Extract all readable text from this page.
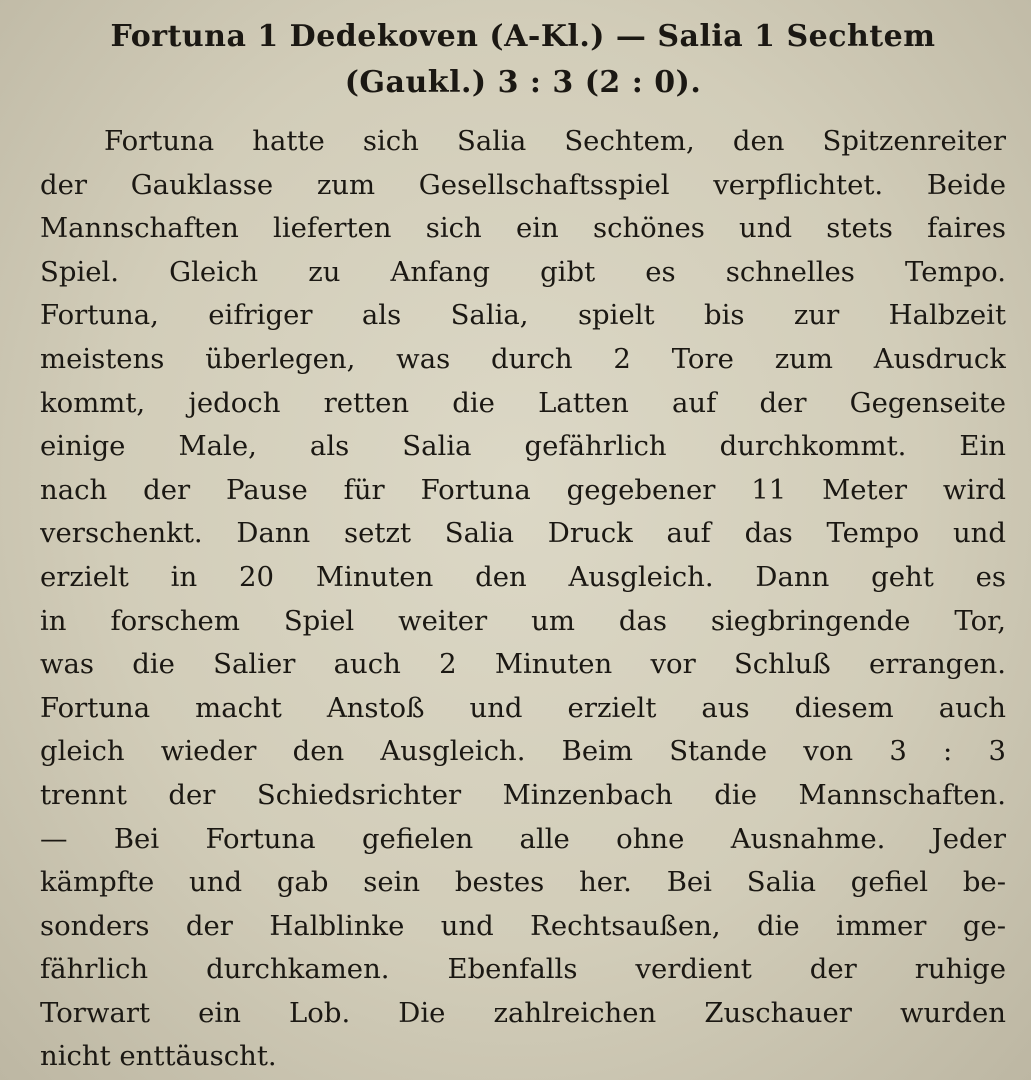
Fortuna 1 Dedekoven (A-Kl.) — Salia 1 Sechtem
(Gaukl.) 3 : 3 (2 : 0).

Fortuna hatte sich Salia Sechtem, den Spitzenreiter
der Gauklasse zum Gesellschaftsspiel verpflichtet. Beide
Mannschaften lieferten sich ein schönes und stets faires
Spiel. Gleich zu Anfang gibt es schnelles Tempo.
Fortuna, eifriger als Salia, spielt bis zur Halbzeit
meistens überlegen, was durch 2 Tore zum Ausdruck
kommt, jedoch retten die Latten auf der Gegenseite
einige Male, als Salia gefährlich durchkommt. Ein
nach der Pause für Fortuna gegebener 11 Meter wird
verschenkt. Dann setzt Salia Druck auf das Tempo und
erzielt in 20 Minuten den Ausgleich. Dann geht es
in forschem Spiel weiter um das siegbringende Tor,
was die Salier auch 2 Minuten vor Schluß errangen.
Fortuna macht Anstoß und erzielt aus diesem auch
gleich wieder den Ausgleich. Beim Stande von 3 : 3
trennt der Schiedsrichter Minzenbach die Mannschaften.
— Bei Fortuna gefielen alle ohne Ausnahme. Jeder
kämpfte und gab sein bestes her. Bei Salia gefiel be-
sonders der Halblinke und Rechtsaußen, die immer ge-
fährlich durchkamen. Ebenfalls verdient der ruhige
Torwart ein Lob. Die zahlreichen Zuschauer wurden
nicht enttäuscht.
